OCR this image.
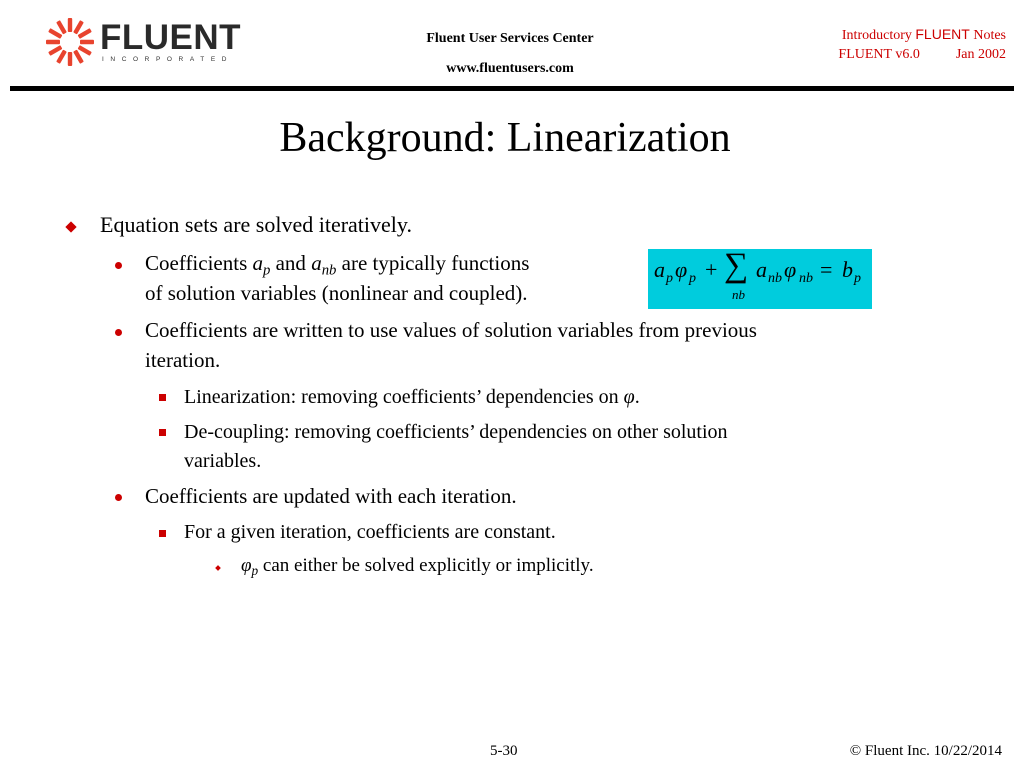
FLUENT
INCORPORATED
Fluent User Services Center
www.fluentusers.com
Introductory FLUENT Notes
FLUENT v6.0	Jan 2002
Background: Linearization
Equation sets are solved iteratively.
Coefficients $a_p$ and $a_{nb}$ are typically functions
of solution variables (nonlinear and coupled).
a p φ p + ∑
nb
a nb φ nb = b p
Coefficients are written to use values of solution variables from previous
iteration.
Linearization: removing coefficients’ dependencies on φ.
De-coupling: removing coefficients’ dependencies on other solution
variables.
Coefficients are updated with each iteration.
For a given iteration, coefficients are constant.
$\varphi_p$ can either be solved explicitly or implicitly.
5-30	© Fluent Inc. 10/22/2014
